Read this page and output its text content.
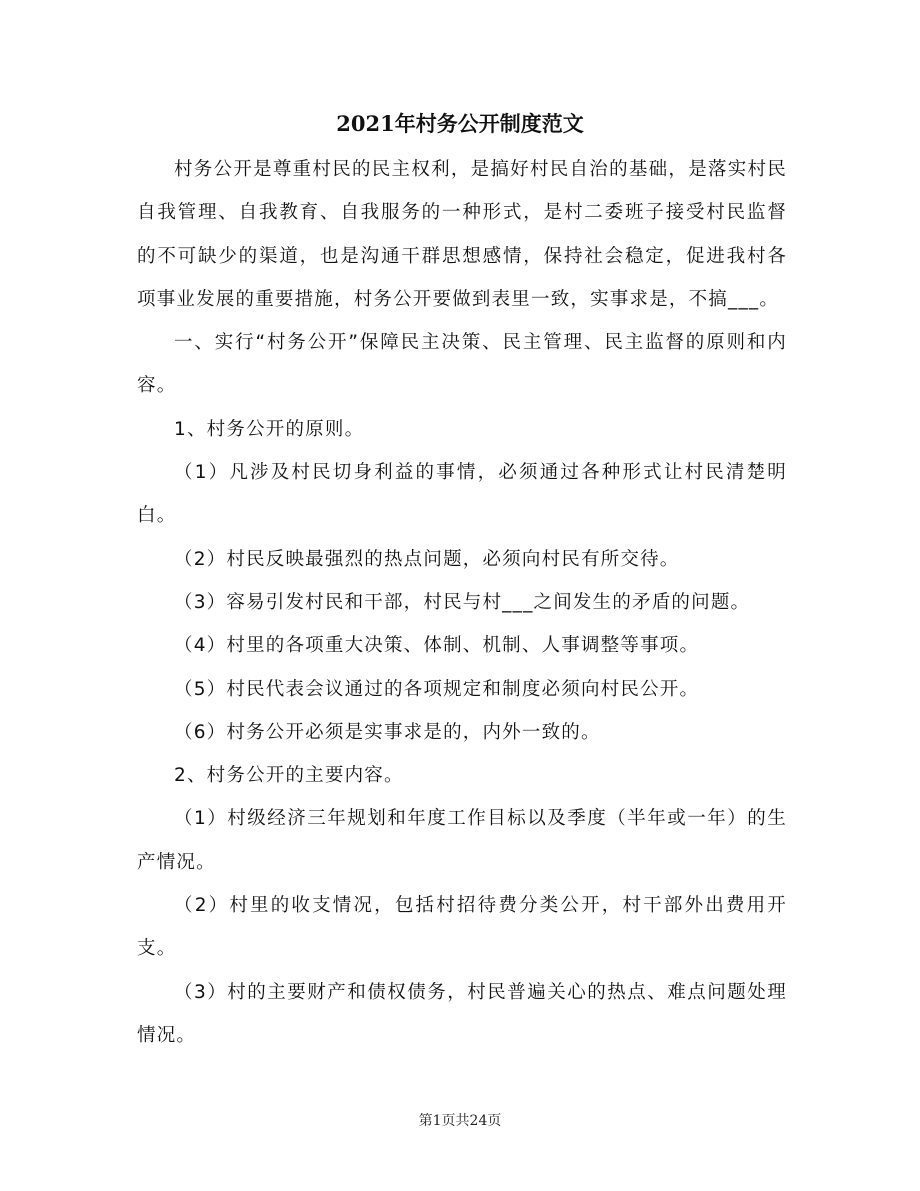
2021年村务公开制度范文

村务公开是尊重村民的民主权利，是搞好村民自治的基础，是落实村民自我管理、自我教育、自我服务的一种形式，是村二委班子接受村民监督的不可缺少的渠道，也是沟通干群思想感情，保持社会稳定，促进我村各项事业发展的重要措施，村务公开要做到表里一致，实事求是，不搞___。

一、实行“村务公开”保障民主决策、民主管理、民主监督的原则和内容。

1、村务公开的原则。

（1）凡涉及村民切身利益的事情，必须通过各种形式让村民清楚明白。

（2）村民反映最强烈的热点问题，必须向村民有所交待。

（3）容易引发村民和干部，村民与村___之间发生的矛盾的问题。

（4）村里的各项重大决策、体制、机制、人事调整等事项。

（5）村民代表会议通过的各项规定和制度必须向村民公开。

（6）村务公开必须是实事求是的，内外一致的。

2、村务公开的主要内容。

（1）村级经济三年规划和年度工作目标以及季度（半年或一年）的生产情况。

（2）村里的收支情况，包括村招待费分类公开，村干部外出费用开支。

（3）村的主要财产和债权债务，村民普遍关心的热点、难点问题处理情况。

第1页共24页
